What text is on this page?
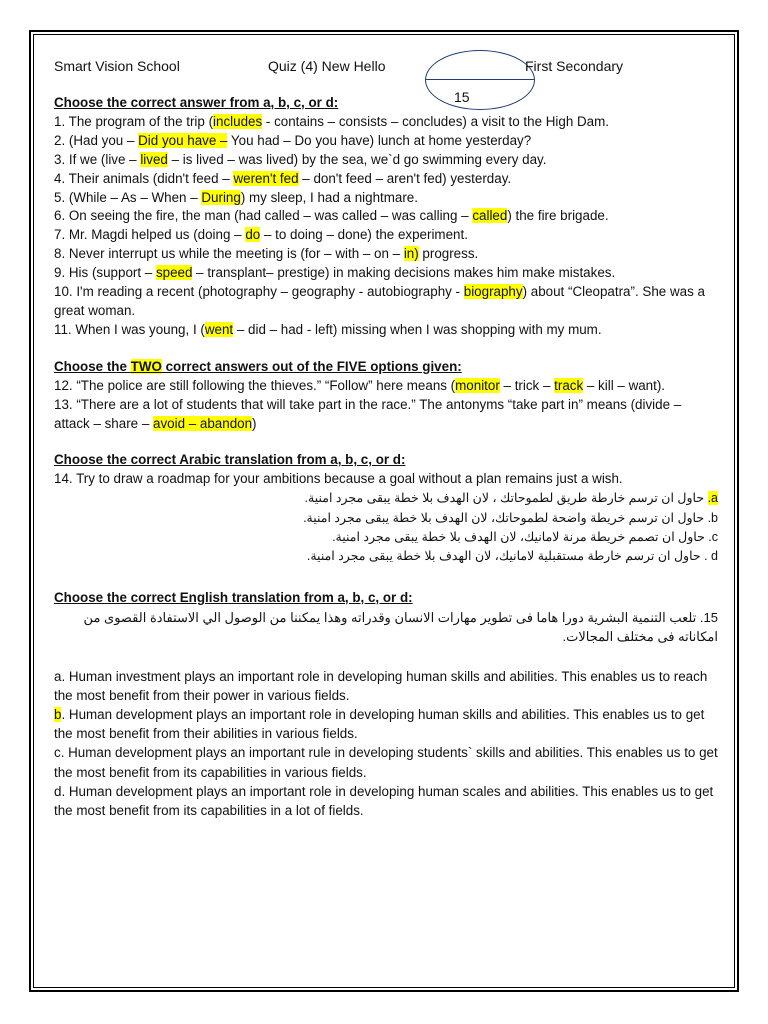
Smart Vision School	Quiz (4) New Hello	First Secondary
15
Choose the correct answer from a, b, c, or d:
1. The program of the trip (includes - contains – consists – concludes) a visit to the High Dam.
2. (Had you – Did you have – You had – Do you have) lunch at home yesterday?
3. If we (live – lived – is lived – was lived) by the sea, we`d go swimming every day.
4. Their animals (didn't feed – weren't fed – don't feed – aren't fed) yesterday.
5. (While – As – When – During) my sleep, I had a nightmare.
6. On seeing the fire, the man (had called – was called – was calling – called) the fire brigade.
7. Mr. Magdi helped us (doing – do – to doing – done) the experiment.
8. Never interrupt us while the meeting is (for – with – on – in) progress.
9. His (support – speed – transplant– prestige) in making decisions makes him make mistakes.
10. I'm reading a recent (photography – geography - autobiography - biography) about “Cleopatra”. She was a great woman.
11. When I was young, I (went – did – had - left) missing when I was shopping with my mum.
Choose the TWO correct answers out of the FIVE options given:
12. “The police are still following the thieves.” “Follow” here means (monitor – trick – track – kill – want).
13. “There are a lot of students that will take part in the race.” The antonyms “take part in” means (divide – attack – share – avoid – abandon)
Choose the correct Arabic translation from a, b, c, or d:
14. Try to draw a roadmap for your ambitions because a goal without a plan remains just a wish.
a. حاول ان ترسم خارطة طريق لطموحاتك ، لان الهدف بلا خطة يبقى مجرد امنية.
b. حاول ان ترسم خريطة واضحة لطموحاتك، لان الهدف بلا خطة يبقى مجرد امنية.
c. حاول ان تصمم خريطة مرنة لامانيك، لان الهدف بلا خطة يبقى مجرد امنية.
d . حاول ان ترسم خارطة مستقبلية لامانيك، لان الهدف بلا خطة يبقى مجرد امنية.
Choose the correct English translation from a, b, c, or d:
15. تلعب التنمية البشرية دورا هاما فى تطوير مهارات الانسان وقدراته وهذا يمكننا من الوصول الي الاستفادة القصوى من امكاناته فى مختلف المجالات.
a. Human investment plays an important role in developing human skills and abilities. This enables us to reach the most benefit from their power in various fields.
b. Human development plays an important role in developing human skills and abilities. This enables us to get the most benefit from their abilities in various fields.
c. Human development plays an important rule in developing students` skills and abilities. This enables us to get the most benefit from its capabilities in various fields.
d. Human development plays an important role in developing human scales and abilities. This enables us to get the most benefit from its capabilities in a lot of fields.
